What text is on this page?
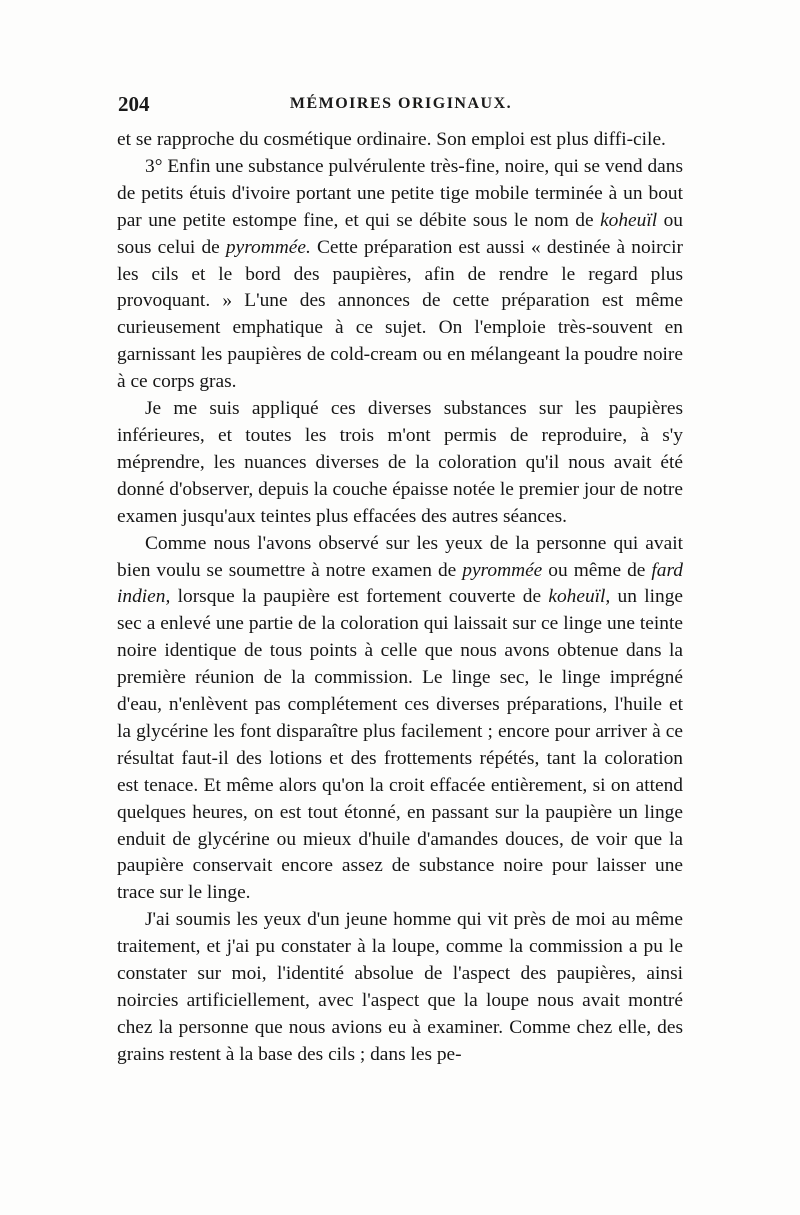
204	MÉMOIRES ORIGINAUX.

et se rapproche du cosmétique ordinaire. Son emploi est plus diffi-cile.

3° Enfin une substance pulvérulente très-fine, noire, qui se vend dans de petits étuis d'ivoire portant une petite tige mobile terminée à un bout par une petite estompe fine, et qui se débite sous le nom de koheuïl ou sous celui de pyrommée. Cette préparation est aussi « destinée à noircir les cils et le bord des paupières, afin de rendre le regard plus provoquant. » L'une des annonces de cette préparation est même curieusement emphatique à ce sujet. On l'emploie très-souvent en garnissant les paupières de cold-cream ou en mélangeant la poudre noire à ce corps gras.

Je me suis appliqué ces diverses substances sur les paupières inférieures, et toutes les trois m'ont permis de reproduire, à s'y méprendre, les nuances diverses de la coloration qu'il nous avait été donné d'observer, depuis la couche épaisse notée le premier jour de notre examen jusqu'aux teintes plus effacées des autres séances.

Comme nous l'avons observé sur les yeux de la personne qui avait bien voulu se soumettre à notre examen de pyrommée ou même de fard indien, lorsque la paupière est fortement couverte de koheuïl, un linge sec a enlevé une partie de la coloration qui laissait sur ce linge une teinte noire identique de tous points à celle que nous avons obtenue dans la première réunion de la commission. Le linge sec, le linge imprégné d'eau, n'enlèvent pas complétement ces diverses préparations, l'huile et la glycérine les font disparaître plus facilement ; encore pour arriver à ce résultat faut-il des lotions et des frottements répétés, tant la coloration est tenace. Et même alors qu'on la croit effacée entièrement, si on attend quelques heures, on est tout étonné, en passant sur la paupière un linge enduit de glycérine ou mieux d'huile d'amandes douces, de voir que la paupière conservait encore assez de substance noire pour laisser une trace sur le linge.

J'ai soumis les yeux d'un jeune homme qui vit près de moi au même traitement, et j'ai pu constater à la loupe, comme la commission a pu le constater sur moi, l'identité absolue de l'aspect des paupières, ainsi noircies artificiellement, avec l'aspect que la loupe nous avait montré chez la personne que nous avions eu à examiner. Comme chez elle, des grains restent à la base des cils ; dans les pe-
